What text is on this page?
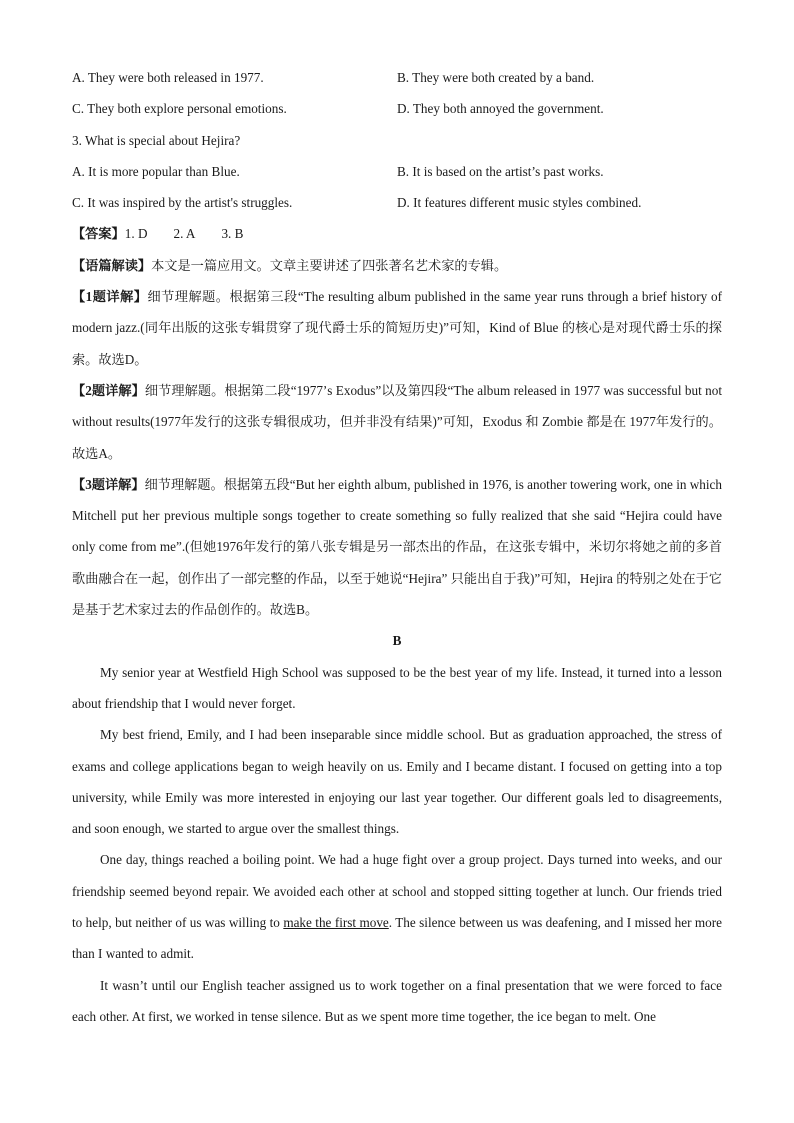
A. They were both released in 1977.	B. They were both created by a band.
C. They both explore personal emotions.	D. They both annoyed the government.
3. What is special about Hejira?
A. It is more popular than Blue.	B. It is based on the artist’s past works.
C. It was inspired by the artist's struggles.	D. It features different music styles combined.
【答案】1. D 2. A 3. B
【语篇解读】本文是一篇应用文。文章主要讲述了四张著名艺术家的专辑。
【1题详解】细节理解题。根据第三段“The resulting album published in the same year runs through a brief history of modern jazz.(同年出版的这张专辑贯穿了现代爵士乐的简短历史)”可知，Kind of Blue 的核心是对现代爵士乐的探索。故选D。
【2题详解】细节理解题。根据第二段“1977’s Exodus”以及第四段“The album released in 1977 was successful but not without results(1977年发行的这张专辑很成功，但并非没有结果)”可知，Exodus 和 Zombie 都是在 1977年发行的。故选A。
【3题详解】细节理解题。根据第五段“But her eighth album, published in 1976, is another towering work, one in which Mitchell put her previous multiple songs together to create something so fully realized that she said “Hejira could have only come from me”.(但她1976年发行的第八张专辑是另一部杰出的作品，在这张专辑中，米切尔将她之前的多首歌曲融合在一起，创作出了一部完整的作品，以至于她说“Hejira” 只能出自于我)”可知，Hejira 的特别之处在于它是基于艺术家过去的作品创作的。故选B。
B
My senior year at Westfield High School was supposed to be the best year of my life. Instead, it turned into a lesson about friendship that I would never forget.
My best friend, Emily, and I had been inseparable since middle school. But as graduation approached, the stress of exams and college applications began to weigh heavily on us. Emily and I became distant. I focused on getting into a top university, while Emily was more interested in enjoying our last year together. Our different goals led to disagreements, and soon enough, we started to argue over the smallest things.
One day, things reached a boiling point. We had a huge fight over a group project. Days turned into weeks, and our friendship seemed beyond repair. We avoided each other at school and stopped sitting together at lunch. Our friends tried to help, but neither of us was willing to make the first move. The silence between us was deafening, and I missed her more than I wanted to admit.
It wasn’t until our English teacher assigned us to work together on a final presentation that we were forced to face each other. At first, we worked in tense silence. But as we spent more time together, the ice began to melt. One
